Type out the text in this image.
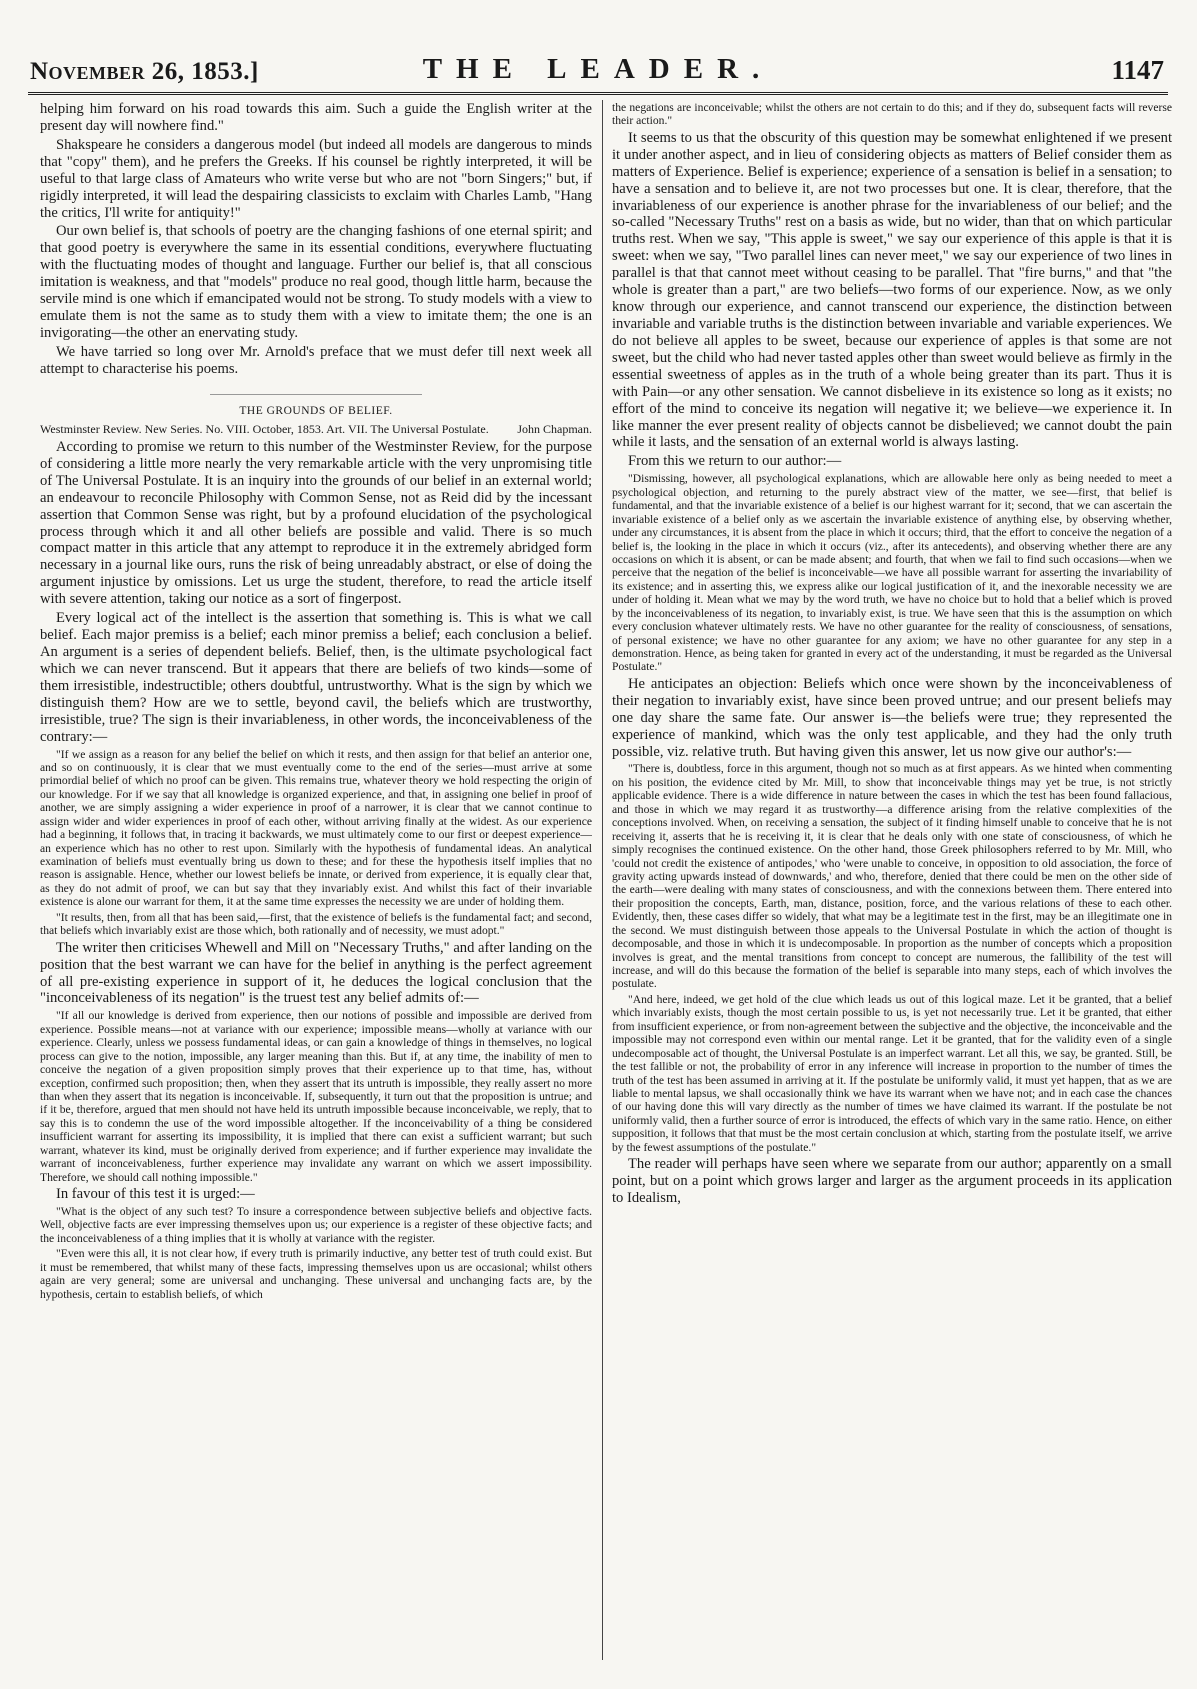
November 26, 1853.]	THE LEADER.	1147

helping him forward on his road towards this aim. Such a guide the English writer at the present day will nowhere find."

Shakspeare he considers a dangerous model (but indeed all models are dangerous to minds that "copy" them), and he prefers the Greeks. If his counsel be rightly interpreted, it will be useful to that large class of Amateurs who write verse but who are not "born Singers;" but, if rigidly interpreted, it will lead the despairing classicists to exclaim with Charles Lamb, "Hang the critics, I'll write for antiquity!"

Our own belief is, that schools of poetry are the changing fashions of one eternal spirit; and that good poetry is everywhere the same in its essential conditions, everywhere fluctuating with the fluctuating modes of thought and language. Further our belief is, that all conscious imitation is weakness, and that "models" produce no real good, though little harm, because the servile mind is one which if emancipated would not be strong. To study models with a view to emulate them is not the same as to study them with a view to imitate them; the one is an invigorating—the other an enervating study.

We have tarried so long over Mr. Arnold's preface that we must defer till next week all attempt to characterise his poems.

THE GROUNDS OF BELIEF.
Westminster Review. New Series. No. VIII. October, 1853. Art. VII. The Universal Postulate. John Chapman.

According to promise we return to this number of the Westminster Review, for the purpose of considering a little more nearly the very remarkable article with the very unpromising title of The Universal Postulate. It is an inquiry into the grounds of our belief in an external world; an endeavour to reconcile Philosophy with Common Sense, not as Reid did by the incessant assertion that Common Sense was right, but by a profound elucidation of the psychological process through which it and all other beliefs are possible and valid. There is so much compact matter in this article that any attempt to reproduce it in the extremely abridged form necessary in a journal like ours, runs the risk of being unreadably abstract, or else of doing the argument injustice by omissions. Let us urge the student, therefore, to read the article itself with severe attention, taking our notice as a sort of fingerpost.

Every logical act of the intellect is the assertion that something is. This is what we call belief. Each major premiss is a belief; each minor premiss a belief; each conclusion a belief. An argument is a series of dependent beliefs. Belief, then, is the ultimate psychological fact which we can never transcend. But it appears that there are beliefs of two kinds—some of them irresistible, indestructible; others doubtful, untrustworthy. What is the sign by which we distinguish them? How are we to settle, beyond cavil, the beliefs which are trustworthy, irresistible, true? The sign is their invariableness, in other words, the inconceivableness of the contrary:—

"If we assign as a reason for any belief the belief on which it rests, and then assign for that belief an anterior one, and so on continuously, it is clear that we must eventually come to the end of the series—must arrive at some primordial belief of which no proof can be given. This remains true, whatever theory we hold respecting the origin of our knowledge. For if we say that all knowledge is organized experience, and that, in assigning one belief in proof of another, we are simply assigning a wider experience in proof of a narrower, it is clear that we cannot continue to assign wider and wider experiences in proof of each other, without arriving finally at the widest. As our experience had a beginning, it follows that, in tracing it backwards, we must ultimately come to our first or deepest experience—an experience which has no other to rest upon. Similarly with the hypothesis of fundamental ideas. An analytical examination of beliefs must eventually bring us down to these; and for these the hypothesis itself implies that no reason is assignable. Hence, whether our lowest beliefs be innate, or derived from experience, it is equally clear that, as they do not admit of proof, we can but say that they invariably exist. And whilst this fact of their invariable existence is alone our warrant for them, it at the same time expresses the necessity we are under of holding them.

"It results, then, from all that has been said,—first, that the existence of beliefs is the fundamental fact; and second, that beliefs which invariably exist are those which, both rationally and of necessity, we must adopt."

The writer then criticises Whewell and Mill on "Necessary Truths," and after landing on the position that the best warrant we can have for the belief in anything is the perfect agreement of all pre-existing experience in support of it, he deduces the logical conclusion that the "inconceivableness of its negation" is the truest test any belief admits of:—

"If all our knowledge is derived from experience, then our notions of possible and impossible are derived from experience. Possible means—not at variance with our experience; impossible means—wholly at variance with our experience. Clearly, unless we possess fundamental ideas, or can gain a knowledge of things in themselves, no logical process can give to the notion, impossible, any larger meaning than this. But if, at any time, the inability of men to conceive the negation of a given proposition simply proves that their experience up to that time, has, without exception, confirmed such proposition; then, when they assert that its untruth is impossible, they really assert no more than when they assert that its negation is inconceivable. If, subsequently, it turn out that the proposition is untrue; and if it be, therefore, argued that men should not have held its untruth impossible because inconceivable, we reply, that to say this is to condemn the use of the word impossible altogether. If the inconceivability of a thing be considered insufficient warrant for asserting its impossibility, it is implied that there can exist a sufficient warrant; but such warrant, whatever its kind, must be originally derived from experience; and if further experience may invalidate the warrant of inconceivableness, further experience may invalidate any warrant on which we assert impossibility. Therefore, we should call nothing impossible."

In favour of this test it is urged:—

"What is the object of any such test? To insure a correspondence between subjective beliefs and objective facts. Well, objective facts are ever impressing themselves upon us; our experience is a register of these objective facts; and the inconceivableness of a thing implies that it is wholly at variance with the register.

"Even were this all, it is not clear how, if every truth is primarily inductive, any better test of truth could exist. But it must be remembered, that whilst many of these facts, impressing themselves upon us are occasional; whilst others again are very general; some are universal and unchanging. These universal and unchanging facts are, by the hypothesis, certain to establish beliefs, of which

the negations are inconceivable; whilst the others are not certain to do this; and if they do, subsequent facts will reverse their action."

It seems to us that the obscurity of this question may be somewhat enlightened if we present it under another aspect, and in lieu of considering objects as matters of Belief consider them as matters of Experience. Belief is experience; experience of a sensation is belief in a sensation; to have a sensation and to believe it, are not two processes but one. It is clear, therefore, that the invariableness of our experience is another phrase for the invariableness of our belief; and the so-called "Necessary Truths" rest on a basis as wide, but no wider, than that on which particular truths rest. When we say, "This apple is sweet," we say our experience of this apple is that it is sweet: when we say, "Two parallel lines can never meet," we say our experience of two lines in parallel is that that cannot meet without ceasing to be parallel. That "fire burns," and that "the whole is greater than a part," are two beliefs—two forms of our experience. Now, as we only know through our experience, and cannot transcend our experience, the distinction between invariable and variable truths is the distinction between invariable and variable experiences. We do not believe all apples to be sweet, because our experience of apples is that some are not sweet, but the child who had never tasted apples other than sweet would believe as firmly in the essential sweetness of apples as in the truth of a whole being greater than its part. Thus it is with Pain—or any other sensation. We cannot disbelieve in its existence so long as it exists; no effort of the mind to conceive its negation will negative it; we believe—we experience it. In like manner the ever present reality of objects cannot be disbelieved; we cannot doubt the pain while it lasts, and the sensation of an external world is always lasting.

From this we return to our author:—

"Dismissing, however, all psychological explanations, which are allowable here only as being needed to meet a psychological objection, and returning to the purely abstract view of the matter, we see—first, that belief is fundamental, and that the invariable existence of a belief is our highest warrant for it; second, that we can ascertain the invariable existence of a belief only as we ascertain the invariable existence of anything else, by observing whether, under any circumstances, it is absent from the place in which it occurs; third, that the effort to conceive the negation of a belief is, the looking in the place in which it occurs (viz., after its antecedents), and observing whether there are any occasions on which it is absent, or can be made absent; and fourth, that when we fail to find such occasions—when we perceive that the negation of the belief is inconceivable—we have all possible warrant for asserting the invariability of its existence; and in asserting this, we express alike our logical justification of it, and the inexorable necessity we are under of holding it. Mean what we may by the word truth, we have no choice but to hold that a belief which is proved by the inconceivableness of its negation, to invariably exist, is true. We have seen that this is the assumption on which every conclusion whatever ultimately rests. We have no other guarantee for the reality of consciousness, of sensations, of personal existence; we have no other guarantee for any axiom; we have no other guarantee for any step in a demonstration. Hence, as being taken for granted in every act of the understanding, it must be regarded as the Universal Postulate."

He anticipates an objection: Beliefs which once were shown by the inconceivableness of their negation to invariably exist, have since been proved untrue; and our present beliefs may one day share the same fate. Our answer is—the beliefs were true; they represented the experience of mankind, which was the only test applicable, and they had the only truth possible, viz. relative truth. But having given this answer, let us now give our author's:—

"There is, doubtless, force in this argument, though not so much as at first appears. As we hinted when commenting on his position, the evidence cited by Mr. Mill, to show that inconceivable things may yet be true, is not strictly applicable evidence. There is a wide difference in nature between the cases in which the test has been found fallacious, and those in which we may regard it as trustworthy—a difference arising from the relative complexities of the conceptions involved. When, on receiving a sensation, the subject of it finding himself unable to conceive that he is not receiving it, asserts that he is receiving it, it is clear that he deals only with one state of consciousness, of which he simply recognises the continued existence. On the other hand, those Greek philosophers referred to by Mr. Mill, who 'could not credit the existence of antipodes,' who 'were unable to conceive, in opposition to old association, the force of gravity acting upwards instead of downwards,' and who, therefore, denied that there could be men on the other side of the earth—were dealing with many states of consciousness, and with the connexions between them. There entered into their proposition the concepts, Earth, man, distance, position, force, and the various relations of these to each other. Evidently, then, these cases differ so widely, that what may be a legitimate test in the first, may be an illegitimate one in the second. We must distinguish between those appeals to the Universal Postulate in which the action of thought is decomposable, and those in which it is undecomposable. In proportion as the number of concepts which a proposition involves is great, and the mental transitions from concept to concept are numerous, the fallibility of the test will increase, and will do this because the formation of the belief is separable into many steps, each of which involves the postulate.

"And here, indeed, we get hold of the clue which leads us out of this logical maze. Let it be granted, that a belief which invariably exists, though the most certain possible to us, is yet not necessarily true. Let it be granted, that either from insufficient experience, or from non-agreement between the subjective and the objective, the inconceivable and the impossible may not correspond even within our mental range. Let it be granted, that for the validity even of a single undecomposable act of thought, the Universal Postulate is an imperfect warrant. Let all this, we say, be granted. Still, be the test fallible or not, the probability of error in any inference will increase in proportion to the number of times the truth of the test has been assumed in arriving at it. If the postulate be uniformly valid, it must yet happen, that as we are liable to mental lapsus, we shall occasionally think we have its warrant when we have not; and in each case the chances of our having done this will vary directly as the number of times we have claimed its warrant. If the postulate be not uniformly valid, then a further source of error is introduced, the effects of which vary in the same ratio. Hence, on either supposition, it follows that that must be the most certain conclusion at which, starting from the postulate itself, we arrive by the fewest assumptions of the postulate."

The reader will perhaps have seen where we separate from our author; apparently on a small point, but on a point which grows larger and larger as the argument proceeds in its application to Idealism,
